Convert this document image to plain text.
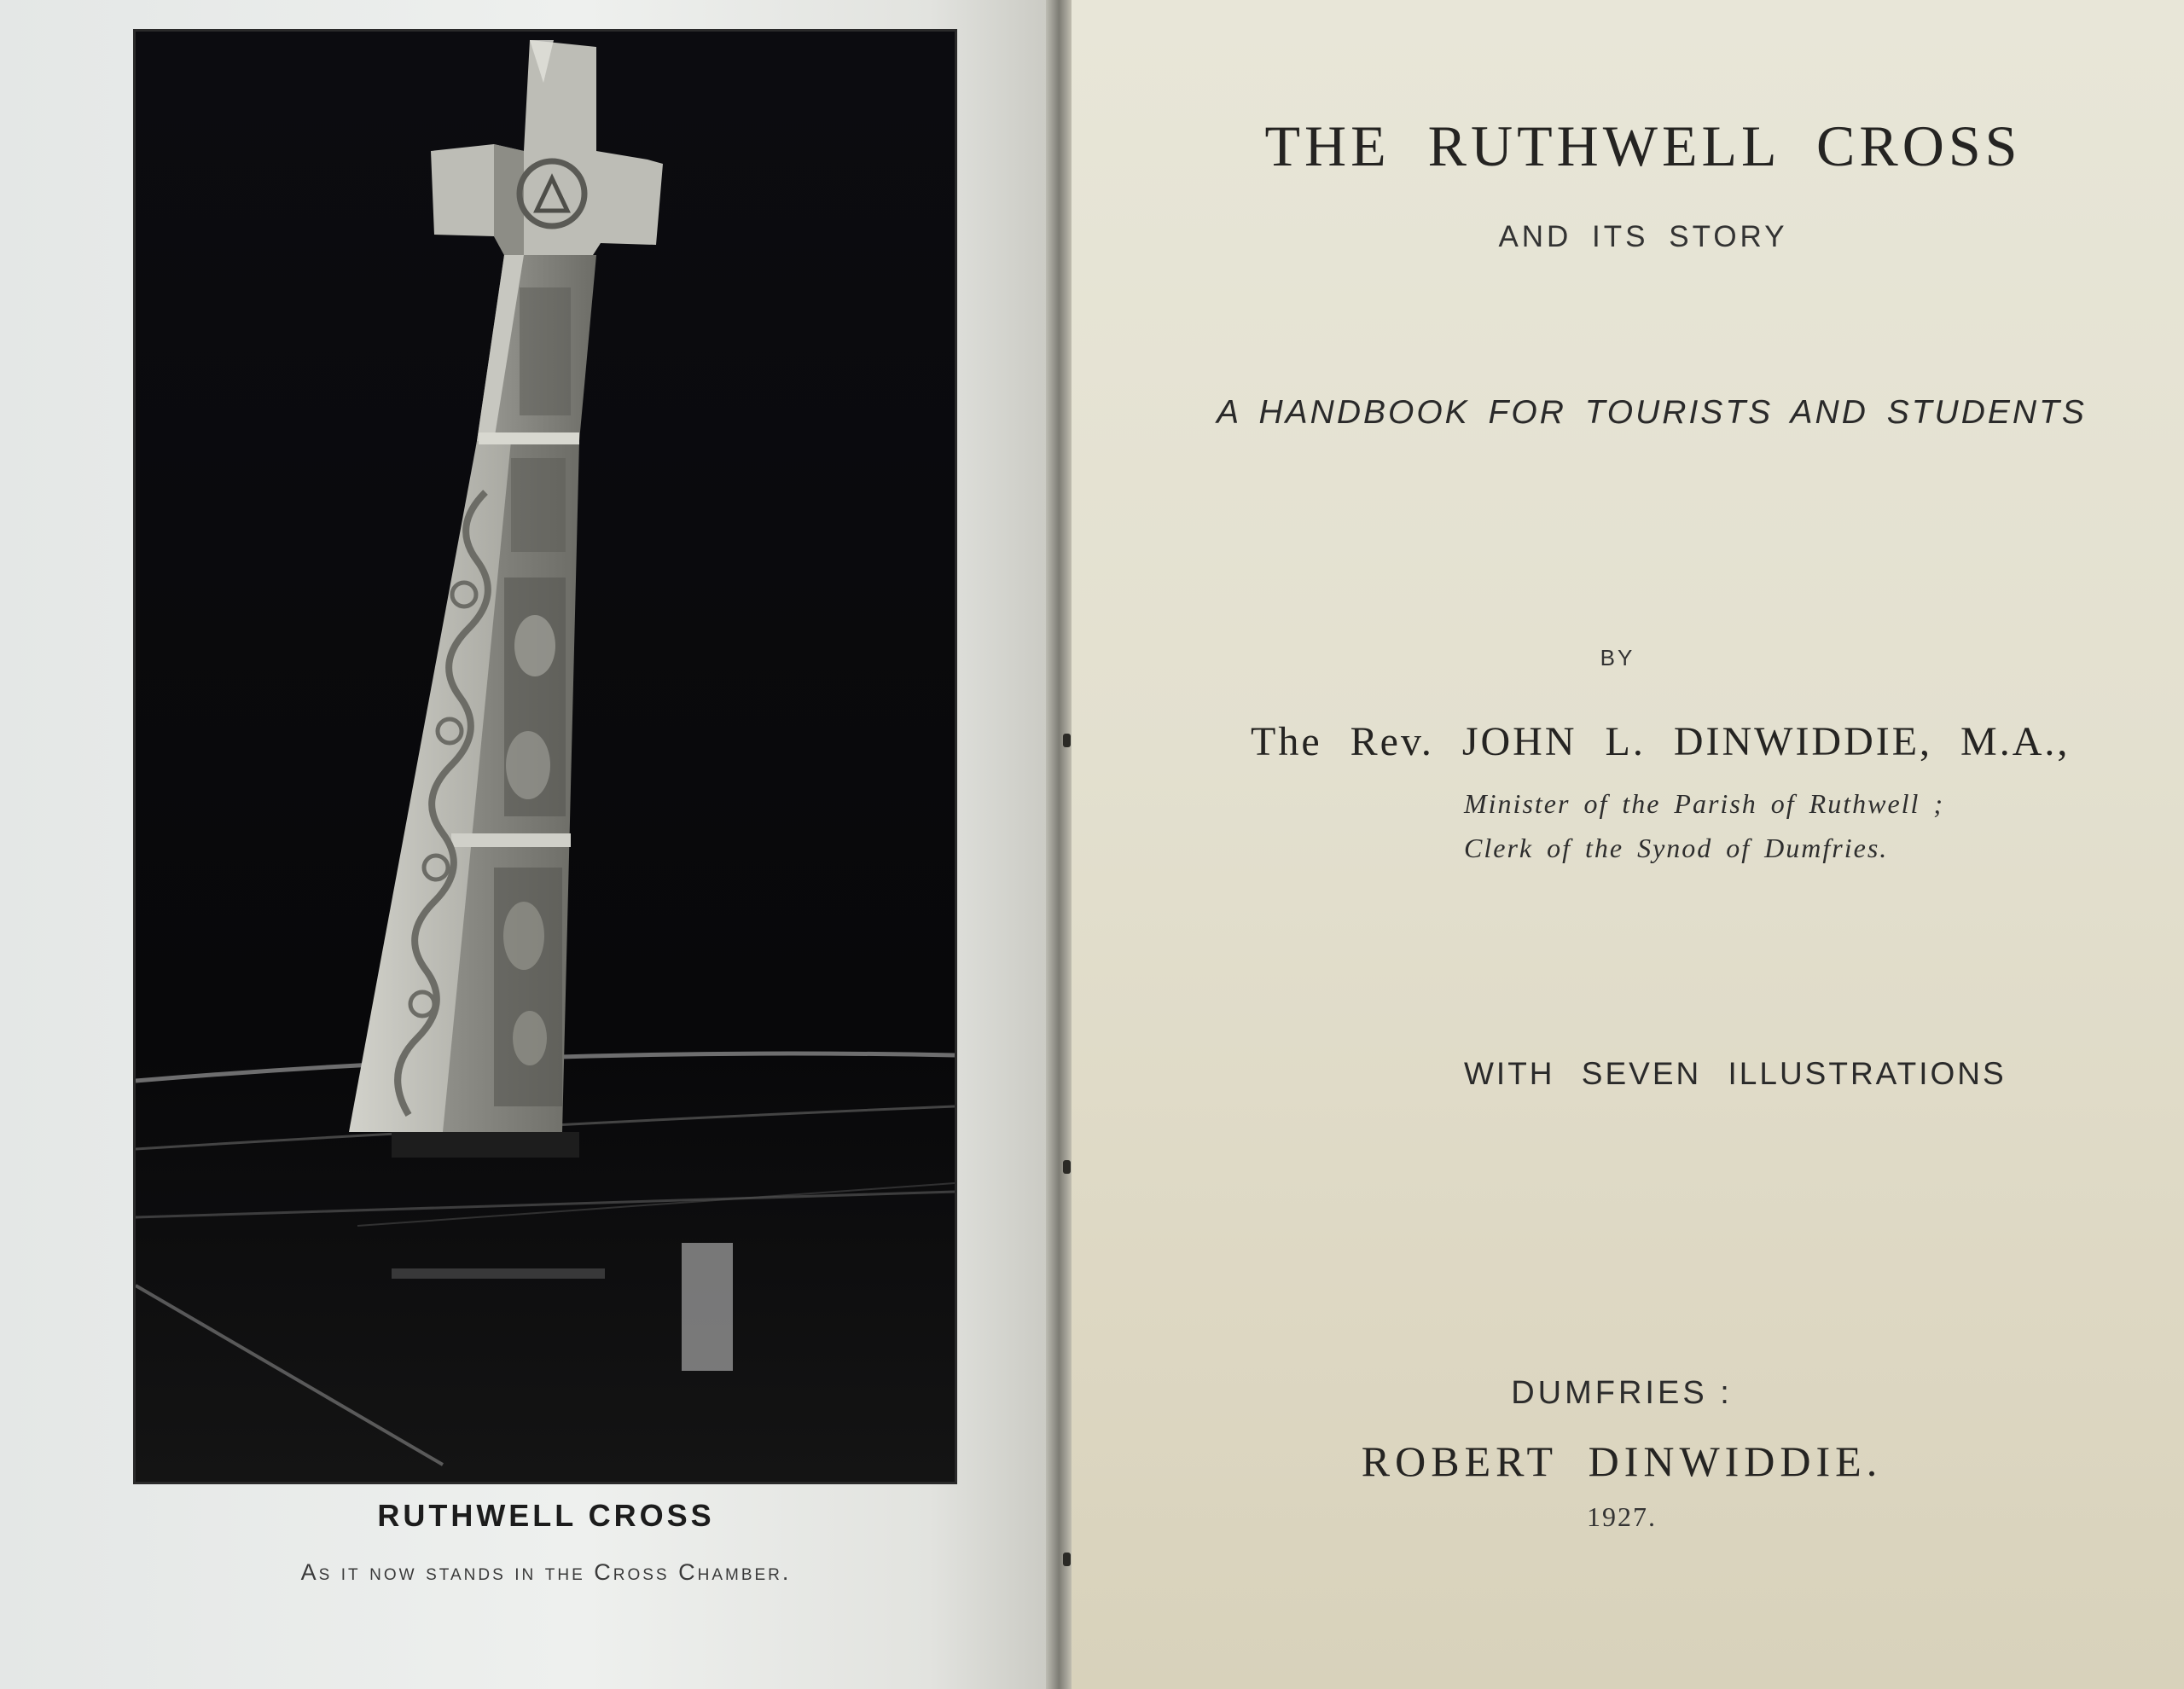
RUTHWELL CROSS
As it now stands in the Cross Chamber.
THE RUTHWELL CROSS
AND ITS STORY
A HANDBOOK FOR TOURISTS AND STUDENTS
BY
The Rev. JOHN L. DINWIDDIE, M.A.,
Minister of the Parish of Ruthwell ;
Clerk of the Synod of Dumfries.
WITH SEVEN ILLUSTRATIONS
DUMFRIES :
ROBERT DINWIDDIE.
1927.
